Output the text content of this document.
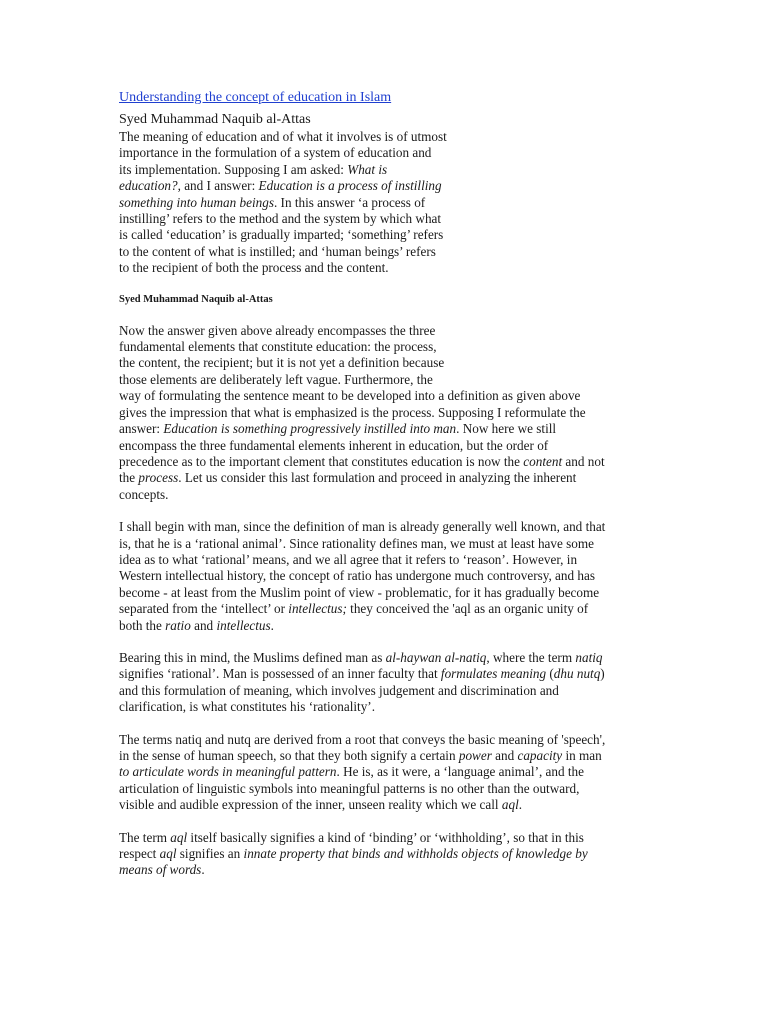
Understanding the concept of education in Islam

Syed Muhammad Naquib al-Attas

The meaning of education and of what it involves is of utmost
importance in the formulation of a system of education and
its implementation. Supposing I am asked: What is
education?, and I answer: Education is a process of instilling
something into human beings. In this answer ‘a process of
instilling’ refers to the method and the system by which what
is called ‘education’ is gradually imparted; ‘something’ refers
to the content of what is instilled; and ‘human beings’ refers
to the recipient of both the process and the content.

Syed Muhammad Naquib al-Attas

Now the answer given above already encompasses the three
fundamental elements that constitute education: the process,
the content, the recipient; but it is not yet a definition because
those elements are deliberately left vague. Furthermore, the
way of formulating the sentence meant to be developed into a definition as given above
gives the impression that what is emphasized is the process. Supposing I reformulate the
answer: Education is something progressively instilled into man. Now here we still
encompass the three fundamental elements inherent in education, but the order of
precedence as to the important clement that constitutes education is now the content and not
the process. Let us consider this last formulation and proceed in analyzing the inherent
concepts.
I shall begin with man, since the definition of man is already generally well known, and that
is, that he is a ‘rational animal’. Since rationality defines man, we must at least have some
idea as to what ‘rational’ means, and we all agree that it refers to ‘reason’. However, in
Western intellectual history, the concept of ratio has undergone much controversy, and has
become - at least from the Muslim point of view - problematic, for it has gradually become
separated from the ‘intellect’ or intellectus; they conceived the 'aql as an organic unity of
both the ratio and intellectus.
Bearing this in mind, the Muslims defined man as al-haywan al-natiq, where the term natiq
signifies ‘rational’. Man is possessed of an inner faculty that formulates meaning (dhu nutq)
and this formulation of meaning, which involves judgement and discrimination and
clarification, is what constitutes his ‘rationality’.
The terms natiq and nutq are derived from a root that conveys the basic meaning of 'speech',
in the sense of human speech, so that they both signify a certain power and capacity in man
to articulate words in meaningful pattern. He is, as it were, a ‘language animal’, and the
articulation of linguistic symbols into meaningful patterns is no other than the outward,
visible and audible expression of the inner, unseen reality which we call aql.
The term aql itself basically signifies a kind of ‘binding’ or ‘withholding’, so that in this
respect aql signifies an innate property that binds and withholds objects of knowledge by
means of words.
